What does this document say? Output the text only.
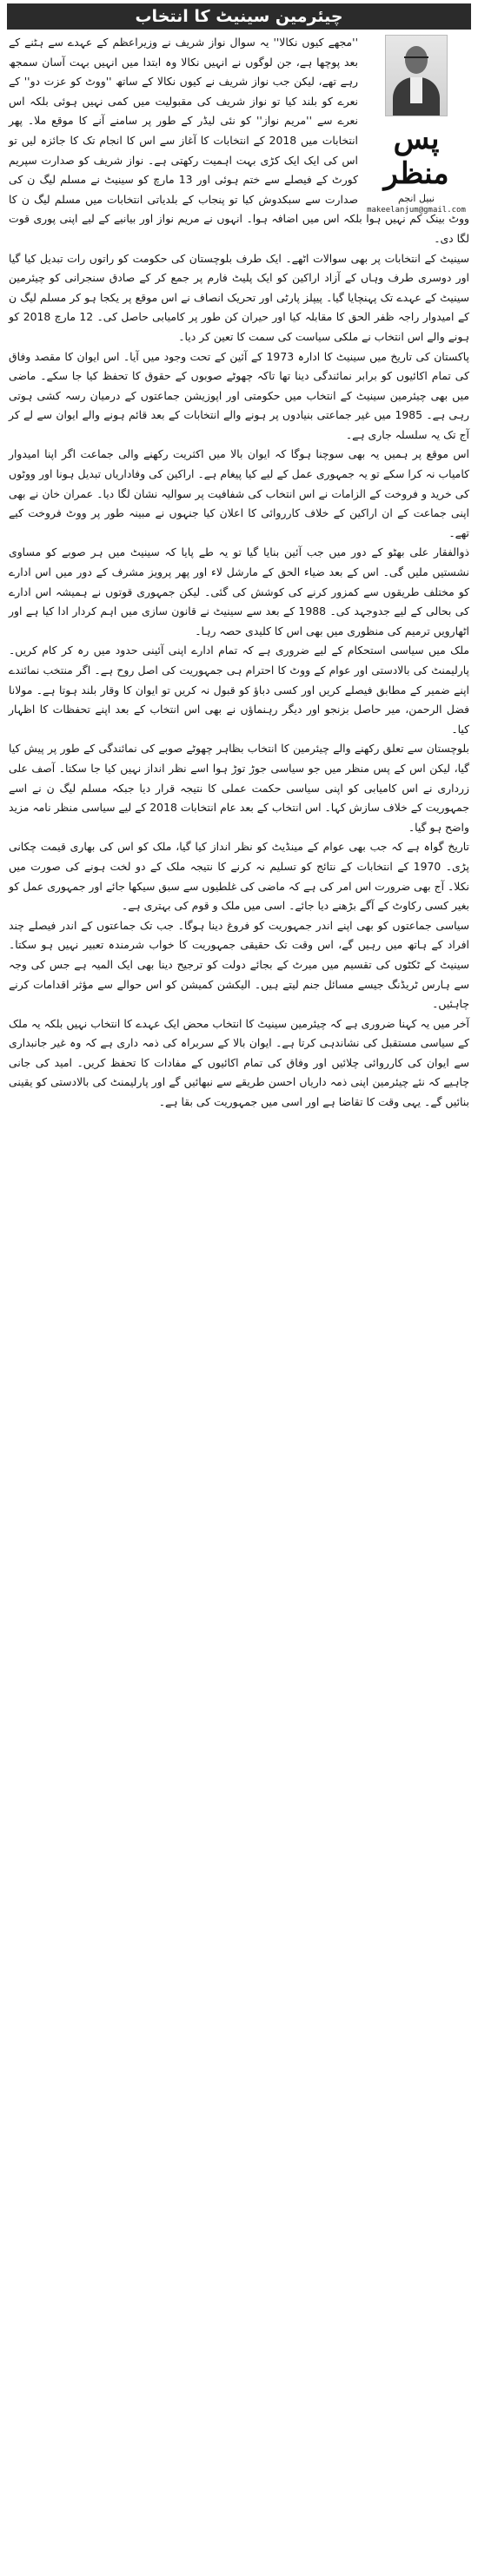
چیئرمین سینیٹ کا انتخاب
پس منظر
نبیل انجم
makeelanjum@gmail.com

''مجھے کیوں نکالا'' یہ سوال نواز شریف نے وزیراعظم کے عہدے سے ہٹنے کے بعد پوچھا ہے، جن لوگوں نے انہیں نکالا وہ ابتدا میں انہیں بہت آسان سمجھ رہے تھے، لیکن جب نواز شریف نے کیوں نکالا کے ساتھ ''ووٹ کو عزت دو'' کے نعرے کو بلند کیا تو نواز شریف کی مقبولیت میں کمی نہیں ہوئی بلکہ اس نعرے سے ''مریم نواز'' کو نئی لیڈر کے طور پر سامنے آنے کا موقع ملا۔ پھر انتخابات میں 2018 کے انتخابات کا آغاز سے اس کا انجام تک کا جائزہ لیں تو اس کی ایک ایک کڑی بہت اہمیت رکھتی ہے۔ نواز شریف کو صدارت سپریم کورٹ کے فیصلے سے ختم ہوئی اور 13 مارچ کو سینیٹ نے مسلم لیگ ن کی صدارت سے سبکدوش کیا تو پنجاب کے بلدیاتی انتخابات میں مسلم لیگ ن کا ووٹ بینک کم نہیں ہوا بلکہ اس میں اضافہ ہوا۔ انہوں نے مریم نواز اور بیانیے کے لیے اپنی پوری قوت لگا دی۔

سینیٹ کے انتخابات پر بھی سوالات اٹھے۔ ایک طرف بلوچستان کی حکومت کو راتوں رات تبدیل کیا گیا اور دوسری طرف وہاں کے آزاد اراکین کو ایک پلیٹ فارم پر جمع کر کے صادق سنجرانی کو چیئرمین سینیٹ کے عہدے تک پہنچایا گیا۔ پیپلز پارٹی اور تحریک انصاف نے اس موقع پر یکجا ہو کر مسلم لیگ ن کے امیدوار راجہ ظفر الحق کا مقابلہ کیا اور حیران کن طور پر کامیابی حاصل کی۔ 12 مارچ 2018 کو ہونے والے اس انتخاب نے ملکی سیاست کی سمت کا تعین کر دیا۔

پاکستان کی تاریخ میں سینیٹ کا ادارہ 1973 کے آئین کے تحت وجود میں آیا۔ اس ایوان کا مقصد وفاق کی تمام اکائیوں کو برابر نمائندگی دینا تھا تاکہ چھوٹے صوبوں کے حقوق کا تحفظ کیا جا سکے۔ ماضی میں بھی چیئرمین سینیٹ کے انتخاب میں حکومتی اور اپوزیشن جماعتوں کے درمیان رسہ کشی ہوتی رہی ہے۔ 1985 میں غیر جماعتی بنیادوں پر ہونے والے انتخابات کے بعد قائم ہونے والے ایوان سے لے کر آج تک یہ سلسلہ جاری ہے۔

اس موقع پر ہمیں یہ بھی سوچنا ہوگا کہ ایوان بالا میں اکثریت رکھنے والی جماعت اگر اپنا امیدوار کامیاب نہ کرا سکے تو یہ جمہوری عمل کے لیے کیا پیغام ہے۔ اراکین کی وفاداریاں تبدیل ہونا اور ووٹوں کی خرید و فروخت کے الزامات نے اس انتخاب کی شفافیت پر سوالیہ نشان لگا دیا۔ عمران خان نے بھی اپنی جماعت کے ان اراکین کے خلاف کارروائی کا اعلان کیا جنہوں نے مبینہ طور پر ووٹ فروخت کیے تھے۔

ذوالفقار علی بھٹو کے دور میں جب آئین بنایا گیا تو یہ طے پایا کہ سینیٹ میں ہر صوبے کو مساوی نشستیں ملیں گی۔ اس کے بعد ضیاء الحق کے مارشل لاء اور پھر پرویز مشرف کے دور میں اس ادارے کو مختلف طریقوں سے کمزور کرنے کی کوشش کی گئی۔ لیکن جمہوری قوتوں نے ہمیشہ اس ادارے کی بحالی کے لیے جدوجہد کی۔ 1988 کے بعد سے سینیٹ نے قانون سازی میں اہم کردار ادا کیا ہے اور اٹھارویں ترمیم کی منظوری میں بھی اس کا کلیدی حصہ رہا۔

ملک میں سیاسی استحکام کے لیے ضروری ہے کہ تمام ادارے اپنی آئینی حدود میں رہ کر کام کریں۔ پارلیمنٹ کی بالادستی اور عوام کے ووٹ کا احترام ہی جمہوریت کی اصل روح ہے۔ اگر منتخب نمائندے اپنے ضمیر کے مطابق فیصلے کریں اور کسی دباؤ کو قبول نہ کریں تو ایوان کا وقار بلند ہوتا ہے۔ مولانا فضل الرحمن، میر حاصل بزنجو اور دیگر رہنماؤں نے بھی اس انتخاب کے بعد اپنے تحفظات کا اظہار کیا۔

بلوچستان سے تعلق رکھنے والے چیئرمین کا انتخاب بظاہر چھوٹے صوبے کی نمائندگی کے طور پر پیش کیا گیا، لیکن اس کے پس منظر میں جو سیاسی جوڑ توڑ ہوا اسے نظر انداز نہیں کیا جا سکتا۔ آصف علی زرداری نے اس کامیابی کو اپنی سیاسی حکمت عملی کا نتیجہ قرار دیا جبکہ مسلم لیگ ن نے اسے جمہوریت کے خلاف سازش کہا۔ اس انتخاب کے بعد عام انتخابات 2018 کے لیے سیاسی منظر نامہ مزید واضح ہو گیا۔

تاریخ گواہ ہے کہ جب بھی عوام کے مینڈیٹ کو نظر انداز کیا گیا، ملک کو اس کی بھاری قیمت چکانی پڑی۔ 1970 کے انتخابات کے نتائج کو تسلیم نہ کرنے کا نتیجہ ملک کے دو لخت ہونے کی صورت میں نکلا۔ آج بھی ضرورت اس امر کی ہے کہ ماضی کی غلطیوں سے سبق سیکھا جائے اور جمہوری عمل کو بغیر کسی رکاوٹ کے آگے بڑھنے دیا جائے۔ اسی میں ملک و قوم کی بہتری ہے۔

سیاسی جماعتوں کو بھی اپنے اندر جمہوریت کو فروغ دینا ہوگا۔ جب تک جماعتوں کے اندر فیصلے چند افراد کے ہاتھ میں رہیں گے، اس وقت تک حقیقی جمہوریت کا خواب شرمندہ تعبیر نہیں ہو سکتا۔ سینیٹ کے ٹکٹوں کی تقسیم میں میرٹ کے بجائے دولت کو ترجیح دینا بھی ایک المیہ ہے جس کی وجہ سے ہارس ٹریڈنگ جیسے مسائل جنم لیتے ہیں۔ الیکشن کمیشن کو اس حوالے سے مؤثر اقدامات کرنے چاہئیں۔

آخر میں یہ کہنا ضروری ہے کہ چیئرمین سینیٹ کا انتخاب محض ایک عہدے کا انتخاب نہیں بلکہ یہ ملک کے سیاسی مستقبل کی نشاندہی کرتا ہے۔ ایوان بالا کے سربراہ کی ذمہ داری ہے کہ وہ غیر جانبداری سے ایوان کی کارروائی چلائیں اور وفاق کی تمام اکائیوں کے مفادات کا تحفظ کریں۔ امید کی جانی چاہیے کہ نئے چیئرمین اپنی ذمہ داریاں احسن طریقے سے نبھائیں گے اور پارلیمنٹ کی بالادستی کو یقینی بنائیں گے۔ یہی وقت کا تقاضا ہے اور اسی میں جمہوریت کی بقا ہے۔
